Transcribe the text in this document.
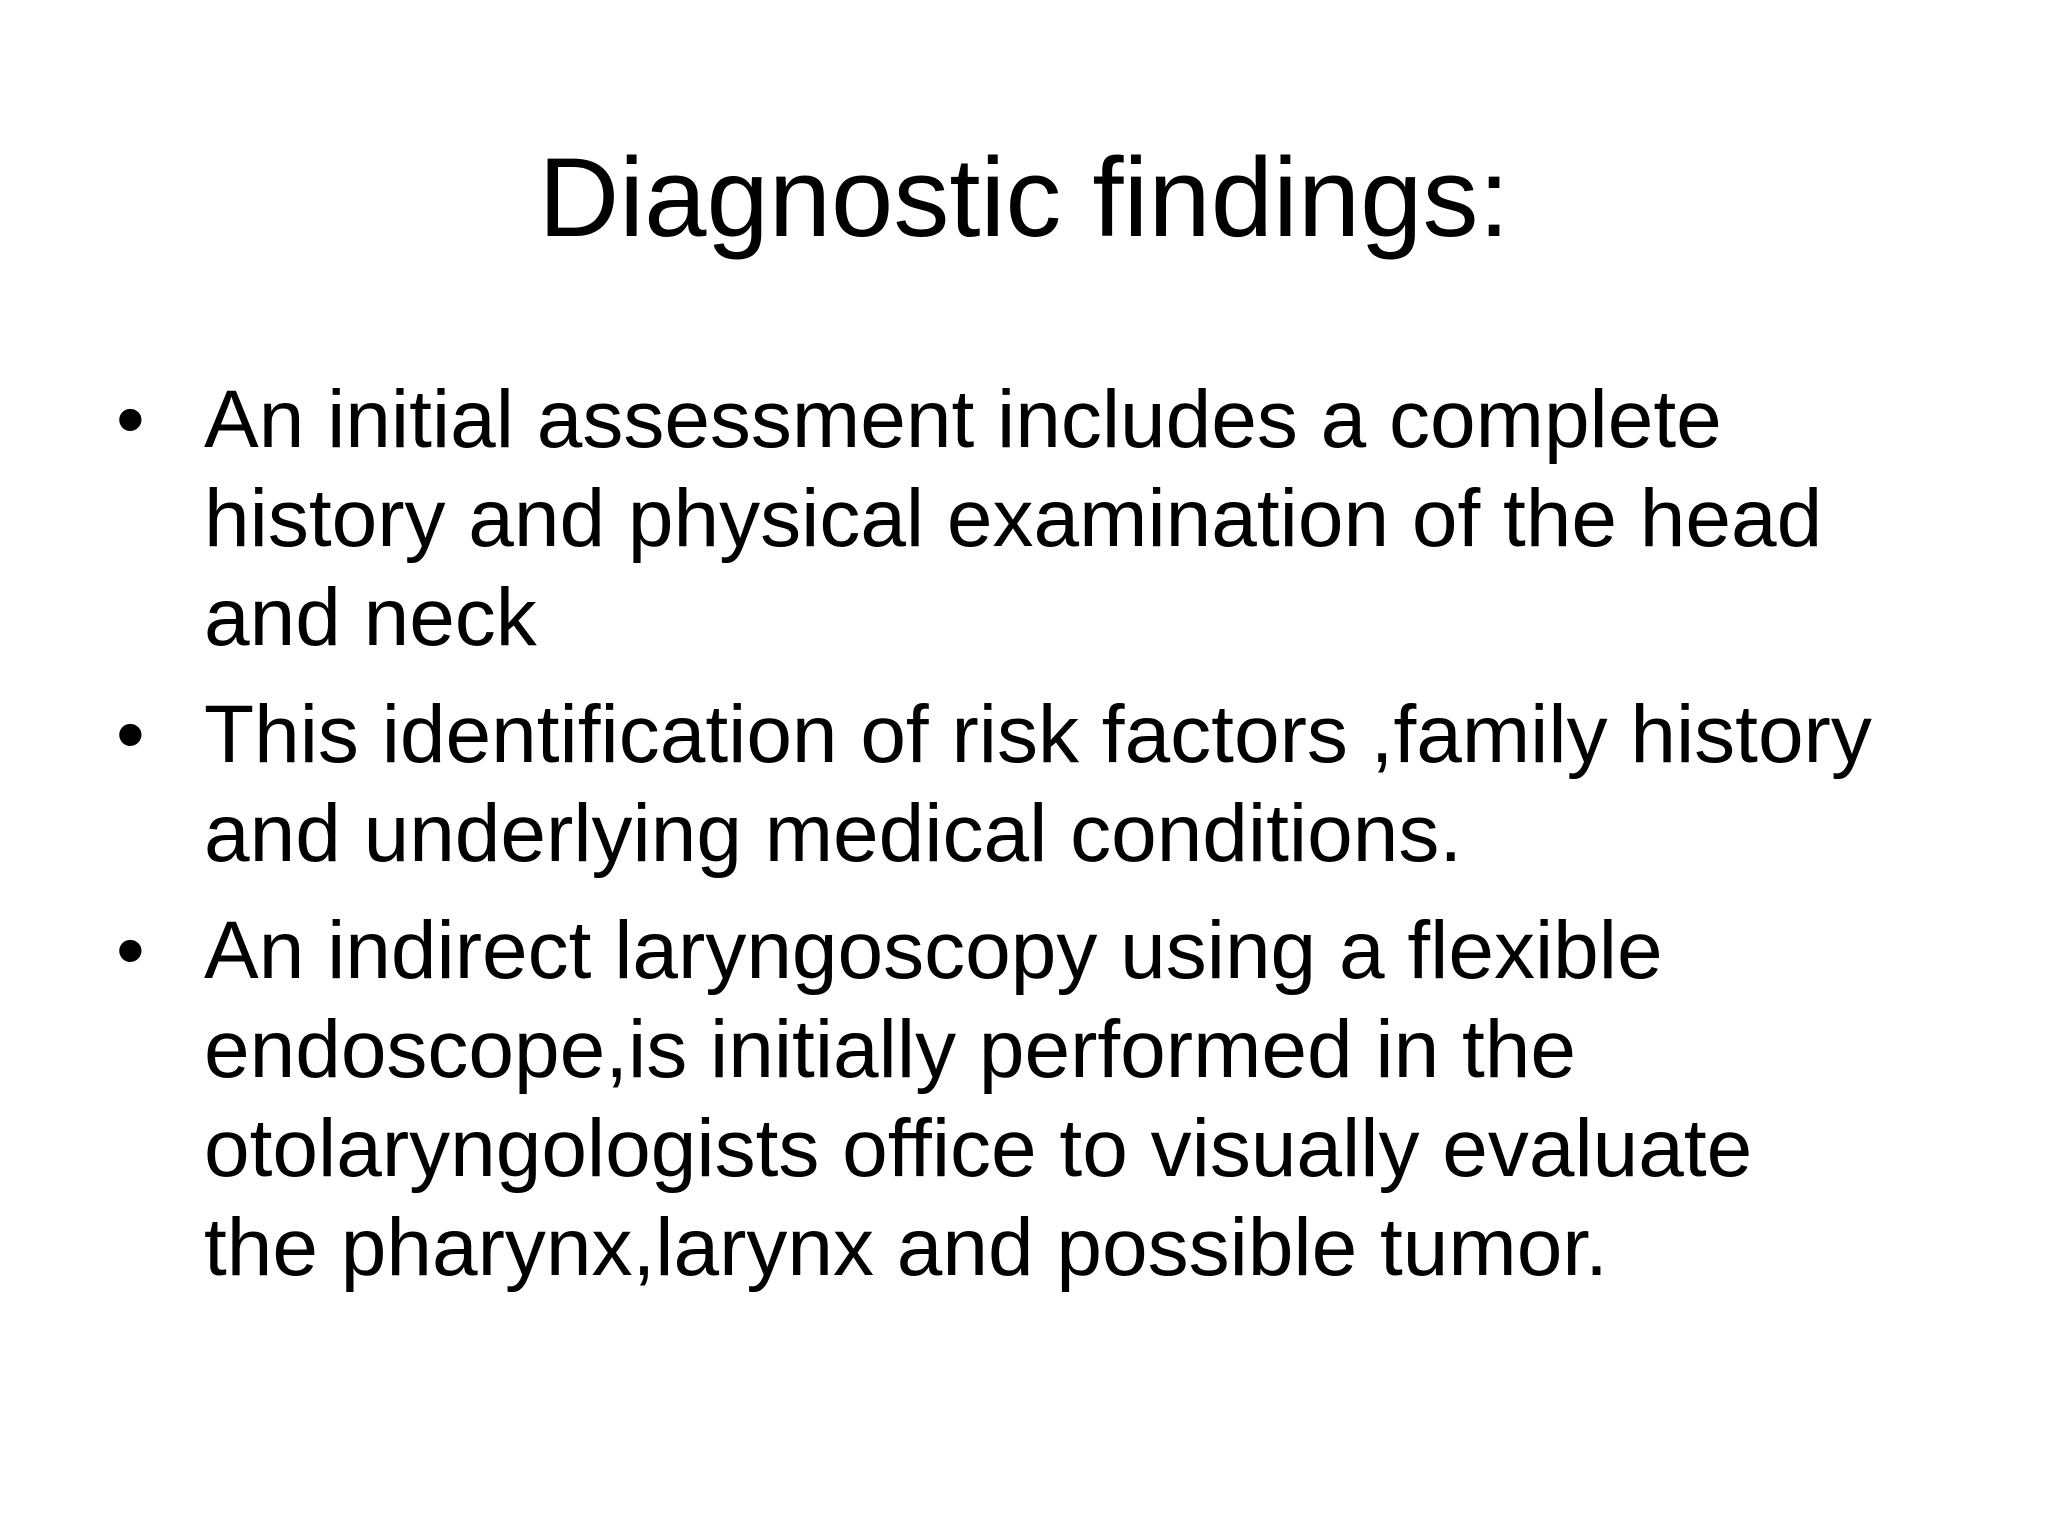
Diagnostic findings:
• An initial assessment includes a complete
history and physical examination of the head
and neck
• This identification of risk factors ,family history
and underlying medical conditions.
• An indirect laryngoscopy using a flexible
endoscope,is initially performed in the
otolaryngologists office to visually evaluate
the pharynx,larynx and possible tumor.
